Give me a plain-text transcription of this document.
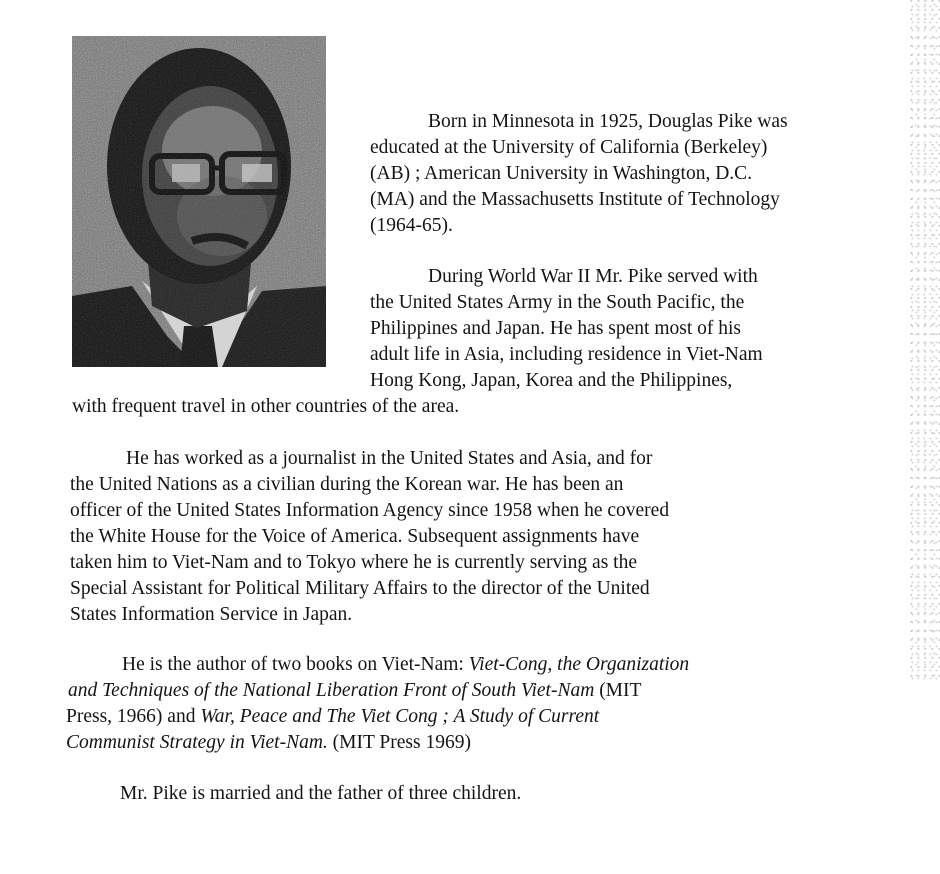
Born in Minnesota in 1925, Douglas Pike was
educated at the University of California (Berkeley)
(AB) ; American University in Washington, D.C.
(MA) and the Massachusetts Institute of Technology
(1964-65).
During World War II Mr. Pike served with
the United States Army in the South Pacific, the
Philippines and Japan. He has spent most of his
adult life in Asia, including residence in Viet-Nam
Hong Kong, Japan, Korea and the Philippines,
with frequent travel in other countries of the area.
He has worked as a journalist in the United States and Asia, and for
the United Nations as a civilian during the Korean war. He has been an
officer of the United States Information Agency since 1958 when he covered
the White House for the Voice of America. Subsequent assignments have
taken him to Viet-Nam and to Tokyo where he is currently serving as the
Special Assistant for Political Military Affairs to the director of the United
States Information Service in Japan.
He is the author of two books on Viet-Nam: Viet-Cong, the Organization
and Techniques of the National Liberation Front of South Viet-Nam (MIT
Press, 1966) and War, Peace and The Viet Cong ; A Study of Current
Communist Strategy in Viet-Nam. (MIT Press 1969)
Mr. Pike is married and the father of three children.
